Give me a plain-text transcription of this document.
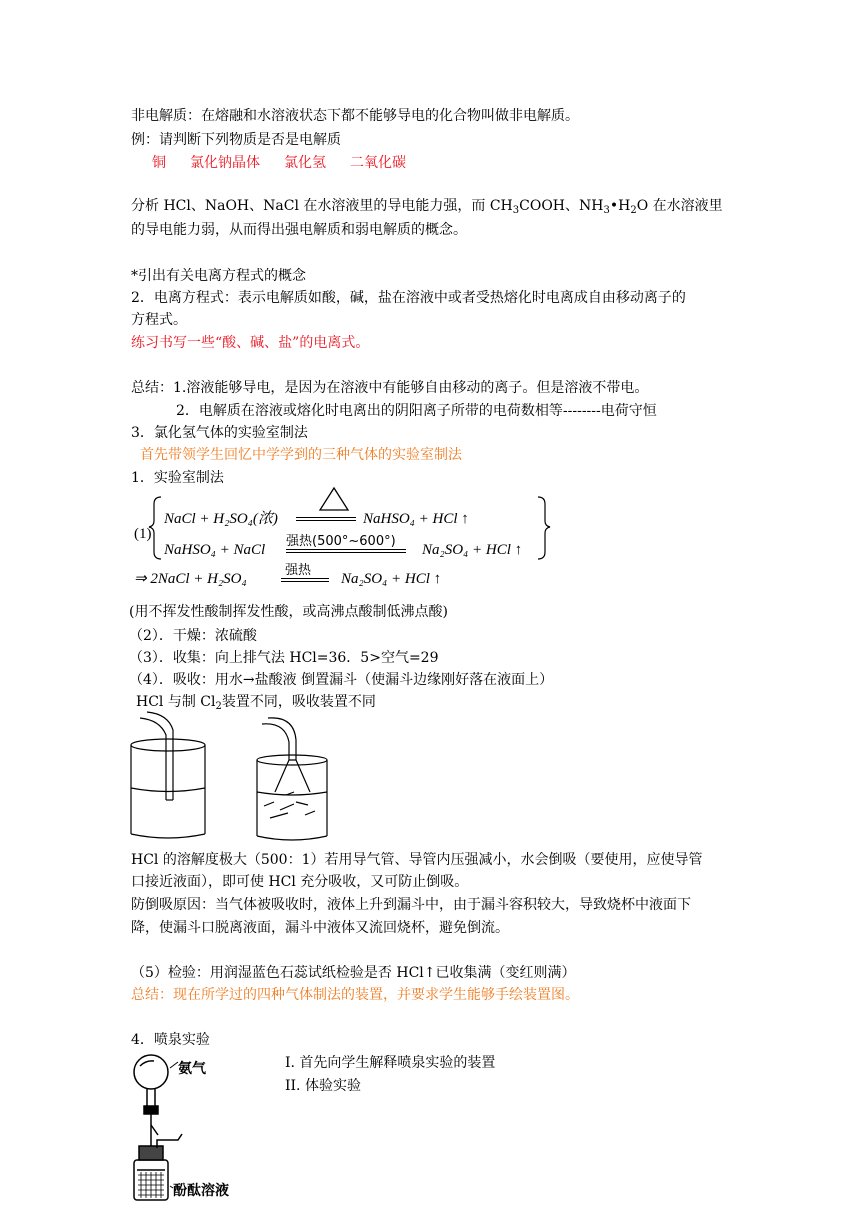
非电解质：在熔融和水溶液状态下都不能够导电的化合物叫做非电解质。
例：请判断下列物质是否是电解质
铜 氯化钠晶体 氯化氢 二氧化碳
分析 HCl、NaOH、NaCl 在水溶液里的导电能力强，而 $CH_3COOH$、$NH_3•H_2O$ 在水溶液里
的导电能力弱，从而得出强电解质和弱电解质的概念。
*引出有关电离方程式的概念
2．电离方程式：表示电解质如酸，碱，盐在溶液中或者受热熔化时电离成自由移动离子的
方程式。
练习书写一些“酸、碱、盐”的电离式。
总结：1.溶液能够导电，是因为在溶液中有能够自由移动的离子。但是溶液不带电。
2．电解质在溶液或熔化时电离出的阴阳离子所带的电荷数相等--------电荷守恒
3．氯化氢气体的实验室制法
首先带领学生回忆中学学到的三种气体的实验室制法
1．实验室制法
(1)
NaCl + H₂SO₄(浓)	NaHSO₄ + HCl ↑
强热(500°~600°)
NaHSO₄ + NaCl	Na₂SO₄ + HCl ↑
强热
⇒ 2NaCl + H₂SO₄	Na₂SO₄ + HCl ↑
(用不挥发性酸制挥发性酸，或高沸点酸制低沸点酸)
（2）．干燥：浓硫酸
（3）．收集：向上排气法 HCl=36．5>空气=29
（4）．吸收：用水→盐酸液 倒置漏斗（使漏斗边缘刚好落在液面上）
HCl 与制 $Cl_2$装置不同，吸收装置不同
HCl 的溶解度极大（500：1）若用导气管、导管内压强减小，水会倒吸（要使用，应使导管
口接近液面），即可使 HCl 充分吸收，又可防止倒吸。
防倒吸原因：当气体被吸收时，液体上升到漏斗中，由于漏斗容积较大，导致烧杯中液面下
降，使漏斗口脱离液面，漏斗中液体又流回烧杯，避免倒流。
（5）检验：用润湿蓝色石蕊试纸检验是否 HCl↑已收集满（变红则满）
总结：现在所学过的四种气体制法的装置，并要求学生能够手绘装置图。
4．喷泉实验
I. 首先向学生解释喷泉实验的装置
II. 体验实验
氨气
酚酞溶液
